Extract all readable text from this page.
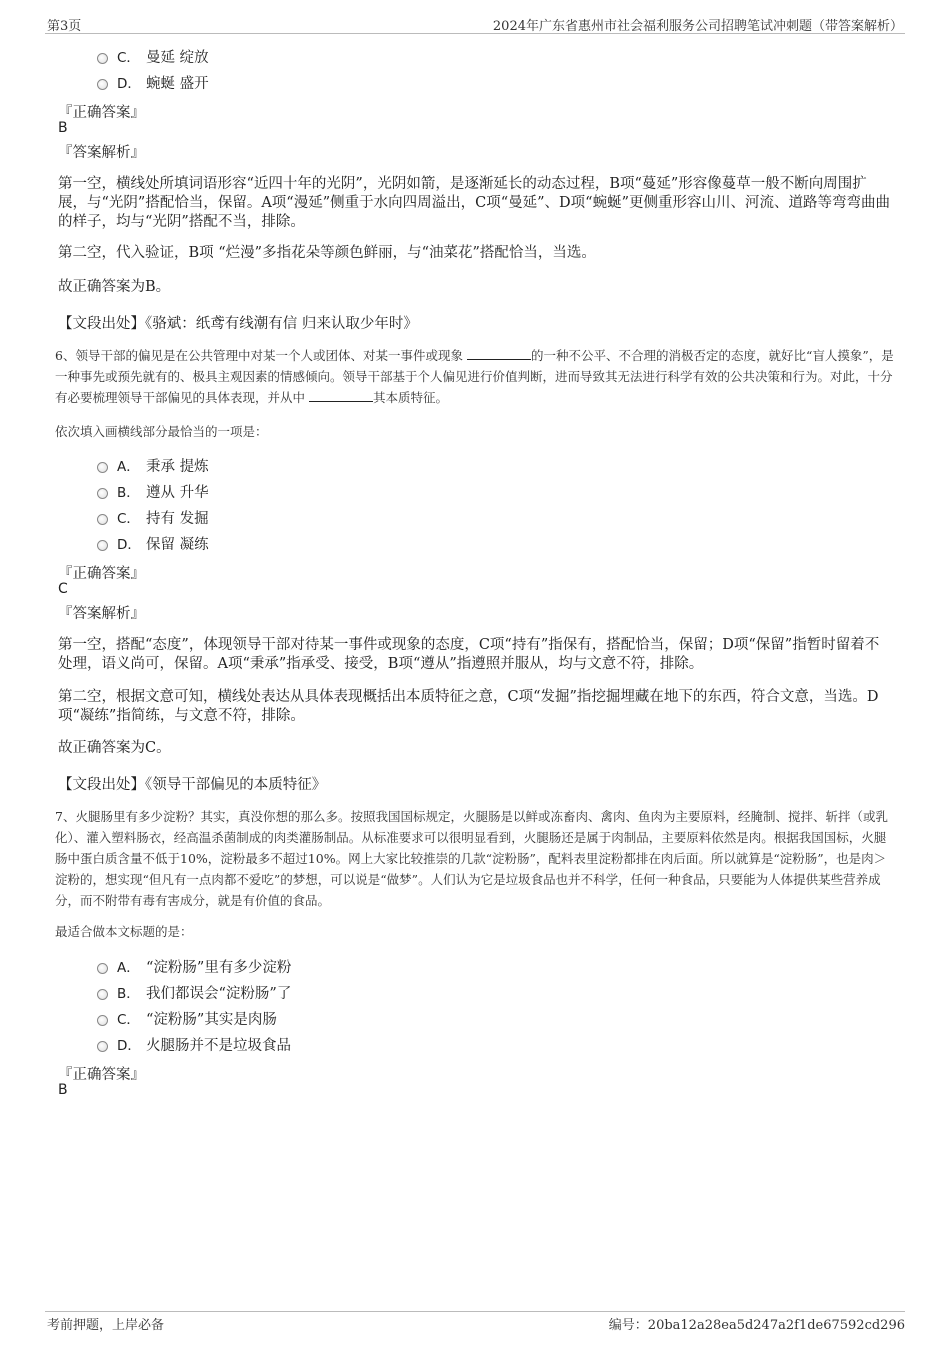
第3页	2024年广东省惠州市社会福利服务公司招聘笔试冲刺题（带答案解析）
C． 曼延 绽放
D． 蜿蜒 盛开
『正确答案』
B
『答案解析』
第一空，横线处所填词语形容“近四十年的光阴”，光阴如箭，是逐渐延长的动态过程，B项“蔓延”形容像蔓草一般不断向周围扩展，与“光阴”搭配恰当，保留。A项“漫延”侧重于水向四周溢出，C项“曼延”、D项“蜿蜒”更侧重形容山川、河流、道路等弯弯曲曲的样子，均与“光阴”搭配不当，排除。
第二空，代入验证，B项 “烂漫”多指花朵等颜色鲜丽，与“油菜花”搭配恰当，当选。
故正确答案为B。
【文段出处】《骆斌：纸鸢有线潮有信 归来认取少年时》
6、领导干部的偏见是在公共管理中对某一个人或团体、对某一事件或现象	的一种不公平、不合理的消极否定的态度，就好比“盲人摸象”，是一种事先或预先就有的、极具主观因素的情感倾向。领导干部基于个人偏见进行价值判断，进而导致其无法进行科学有效的公共决策和行为。对此，十分有必要梳理领导干部偏见的具体表现，并从中	其本质特征。
依次填入画横线部分最恰当的一项是：
A． 秉承 提炼
B． 遵从 升华
C． 持有 发掘
D． 保留 凝练
『正确答案』
C
『答案解析』
第一空，搭配“态度”，体现领导干部对待某一事件或现象的态度，C项“持有”指保有，搭配恰当，保留；D项“保留”指暂时留着不处理，语义尚可，保留。A项“秉承”指承受、接受，B项“遵从”指遵照并服从，均与文意不符，排除。
第二空，根据文意可知，横线处表达从具体表现概括出本质特征之意，C项“发掘”指挖掘埋藏在地下的东西，符合文意，当选。D项“凝练”指简练，与文意不符，排除。
故正确答案为C。
【文段出处】《领导干部偏见的本质特征》
7、火腿肠里有多少淀粉？其实，真没你想的那么多。按照我国国标规定，火腿肠是以鲜或冻畜肉、禽肉、鱼肉为主要原料，经腌制、搅拌、斩拌（或乳化）、灌入塑料肠衣，经高温杀菌制成的肉类灌肠制品。从标准要求可以很明显看到，火腿肠还是属于肉制品，主要原料依然是肉。根据我国国标，火腿肠中蛋白质含量不低于10%，淀粉最多不超过10%。网上大家比较推崇的几款“淀粉肠”，配料表里淀粉都排在肉后面。所以就算是“淀粉肠”，也是肉＞淀粉的，想实现“但凡有一点肉都不爱吃”的梦想，可以说是“做梦”。人们认为它是垃圾食品也并不科学，任何一种食品，只要能为人体提供某些营养成分，而不附带有毒有害成分，就是有价值的食品。
最适合做本文标题的是：
A． “淀粉肠”里有多少淀粉
B． 我们都误会“淀粉肠”了
C． “淀粉肠”其实是肉肠
D． 火腿肠并不是垃圾食品
『正确答案』
B
考前押题，上岸必备	编号：20ba12a28ea5d247a2f1de67592cd296
